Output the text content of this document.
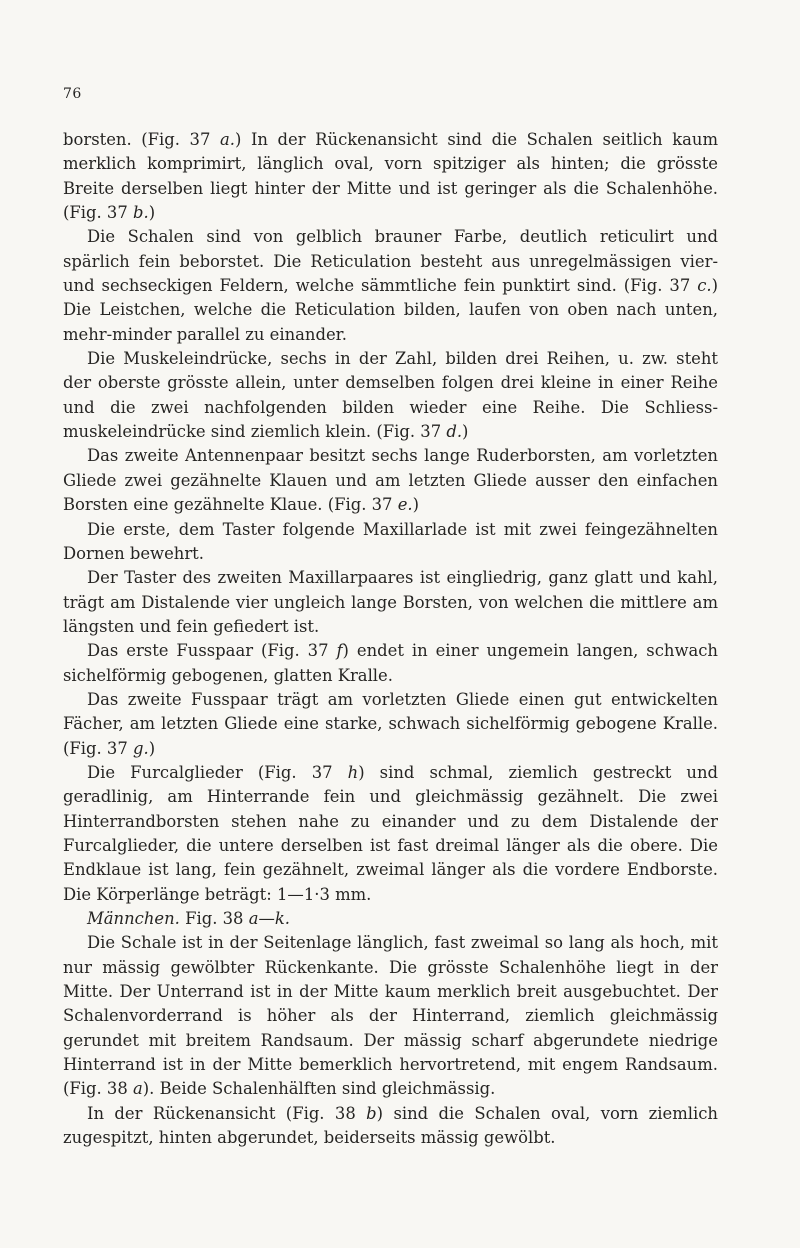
76

borsten. (Fig. 37 a.) In der Rückenansicht sind die Schalen seitlich kaum merklich komprimirt, länglich oval, vorn spitziger als hinten; die grösste Breite derselben liegt hinter der Mitte und ist geringer als die Schalenhöhe. (Fig. 37 b.)

Die Schalen sind von gelblich brauner Farbe, deutlich reticulirt und spärlich fein beborstet. Die Reticulation besteht aus unregelmässigen vier- und sechseckigen Feldern, welche sämmtliche fein punktirt sind. (Fig. 37 c.) Die Leistchen, welche die Reticulation bilden, laufen von oben nach unten, mehr-minder parallel zu einander.

Die Muskeleindrücke, sechs in der Zahl, bilden drei Reihen, u. zw. steht der oberste grösste allein, unter demselben folgen drei kleine in einer Reihe und die zwei nachfolgenden bilden wieder eine Reihe. Die Schliessmuskeleindrücke sind ziemlich klein. (Fig. 37 d.)

Das zweite Antennenpaar besitzt sechs lange Ruderborsten, am vorletzten Gliede zwei gezähnelte Klauen und am letzten Gliede ausser den einfachen Borsten eine gezähnelte Klaue. (Fig. 37 e.)

Die erste, dem Taster folgende Maxillarlade ist mit zwei feingezähnelten Dornen bewehrt.

Der Taster des zweiten Maxillarpaares ist eingliedrig, ganz glatt und kahl, trägt am Distalende vier ungleich lange Borsten, von welchen die mittlere am längsten und fein gefiedert ist.

Das erste Fusspaar (Fig. 37 f) endet in einer ungemein langen, schwach sichelförmig gebogenen, glatten Kralle.

Das zweite Fusspaar trägt am vorletzten Gliede einen gut entwickelten Fächer, am letzten Gliede eine starke, schwach sichelförmig gebogene Kralle. (Fig. 37 g.)

Die Furcalglieder (Fig. 37 h) sind schmal, ziemlich gestreckt und geradlinig, am Hinterrande fein und gleichmässig gezähnelt. Die zwei Hinterrandborsten stehen nahe zu einander und zu dem Distalende der Furcalglieder, die untere derselben ist fast dreimal länger als die obere. Die Endklaue ist lang, fein gezähnelt, zweimal länger als die vordere Endborste. Die Körperlänge beträgt: 1—1·3 mm.

Männchen. Fig. 38 a—k.

Die Schale ist in der Seitenlage länglich, fast zweimal so lang als hoch, mit nur mässig gewölbter Rückenkante. Die grösste Schalenhöhe liegt in der Mitte. Der Unterrand ist in der Mitte kaum merklich breit ausgebuchtet. Der Schalenvorderrand is höher als der Hinterrand, ziemlich gleichmässig gerundet mit breitem Randsaum. Der mässig scharf abgerundete niedrige Hinterrand ist in der Mitte bemerklich hervortretend, mit engem Randsaum. (Fig. 38 a). Beide Schalenhälften sind gleichmässig.

In der Rückenansicht (Fig. 38 b) sind die Schalen oval, vorn ziemlich zugespitzt, hinten abgerundet, beiderseits mässig gewölbt.
